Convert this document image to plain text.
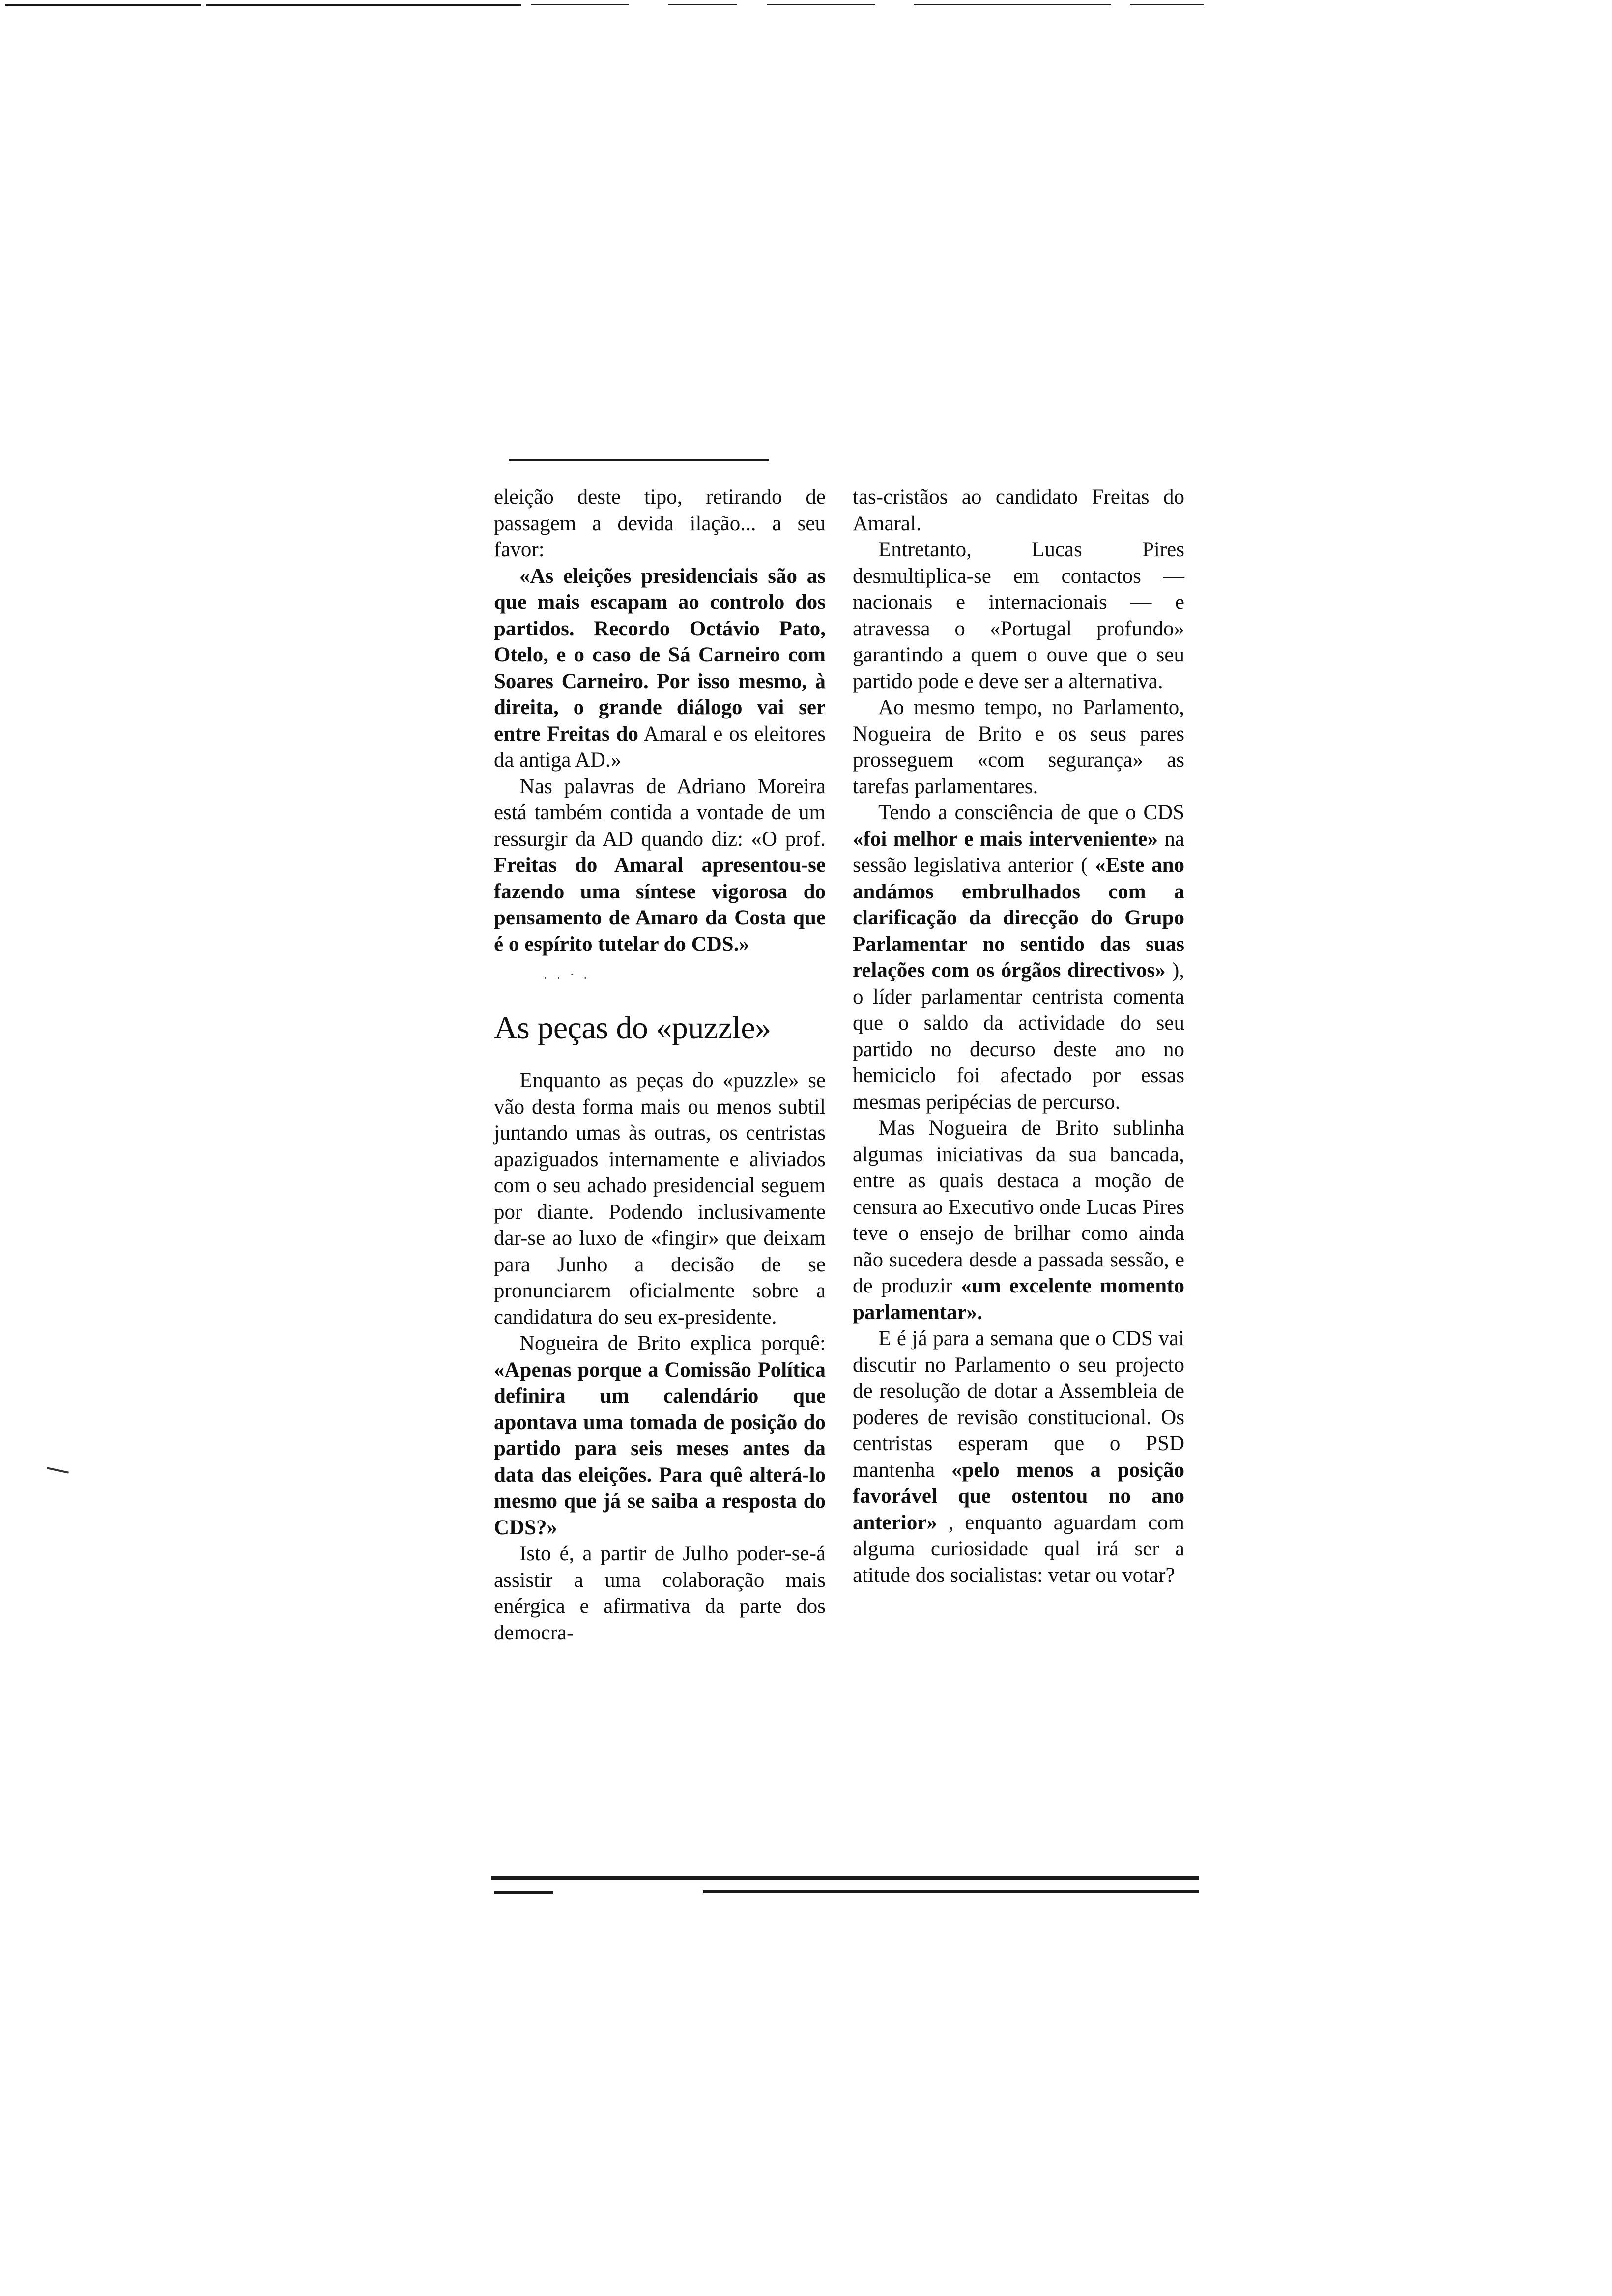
eleição deste tipo, retirando de passagem a devida ilação... a seu favor:

«As eleições presidenciais são as que mais escapam ao controlo dos partidos. Recordo Octávio Pato, Otelo, e o caso de Sá Carneiro com Soares Carneiro. Por isso mesmo, à direita, o grande diálogo vai ser entre Freitas do Amaral e os eleitores da antiga AD.»

Nas palavras de Adriano Moreira está também contida a vontade de um ressurgir da AD quando diz: «O prof. Freitas do Amaral apresentou-se fazendo uma síntese vigorosa do pensamento de Amaro da Costa que é o espírito tutelar do CDS.»

· · ˙ ·
As peças do «puzzle»

Enquanto as peças do «puzzle» se vão desta forma mais ou menos subtil juntando umas às outras, os centristas apaziguados internamente e aliviados com o seu achado presidencial seguem por diante. Podendo inclusivamente dar-se ao luxo de «fingir» que deixam para Junho a decisão de se pronunciarem oficialmente sobre a candidatura do seu ex-presidente.

Nogueira de Brito explica porquê: «Apenas porque a Comissão Política definira um calendário que apontava uma tomada de posição do partido para seis meses antes da data das eleições. Para quê alterá-lo mesmo que já se saiba a resposta do CDS?»

Isto é, a partir de Julho poder-se-á assistir a uma colaboração mais enérgica e afirmativa da parte dos democra-

tas-cristãos ao candidato Freitas do Amaral.

Entretanto, Lucas Pires desmultiplica-se em contactos — nacionais e internacionais — e atravessa o «Portugal profundo» garantindo a quem o ouve que o seu partido pode e deve ser a alternativa.

Ao mesmo tempo, no Parlamento, Nogueira de Brito e os seus pares prosseguem «com segurança» as tarefas parlamentares.

Tendo a consciência de que o CDS «foi melhor e mais interveniente» na sessão legislativa anterior ( «Este ano andámos embrulhados com a clarificação da direcção do Grupo Parlamentar no sentido das suas relações com os órgãos directivos» ), o líder parlamentar centrista comenta que o saldo da actividade do seu partido no decurso deste ano no hemiciclo foi afectado por essas mesmas peripécias de percurso.

Mas Nogueira de Brito sublinha algumas iniciativas da sua bancada, entre as quais destaca a moção de censura ao Executivo onde Lucas Pires teve o ensejo de brilhar como ainda não sucedera desde a passada sessão, e de produzir «um excelente momento parlamentar».

E é já para a semana que o CDS vai discutir no Parlamento o seu projecto de resolução de dotar a Assembleia de poderes de revisão constitucional. Os centristas esperam que o PSD mantenha «pelo menos a posição favorável que ostentou no ano anterior» , enquanto aguardam com alguma curiosidade qual irá ser a atitude dos socialistas: vetar ou votar?
